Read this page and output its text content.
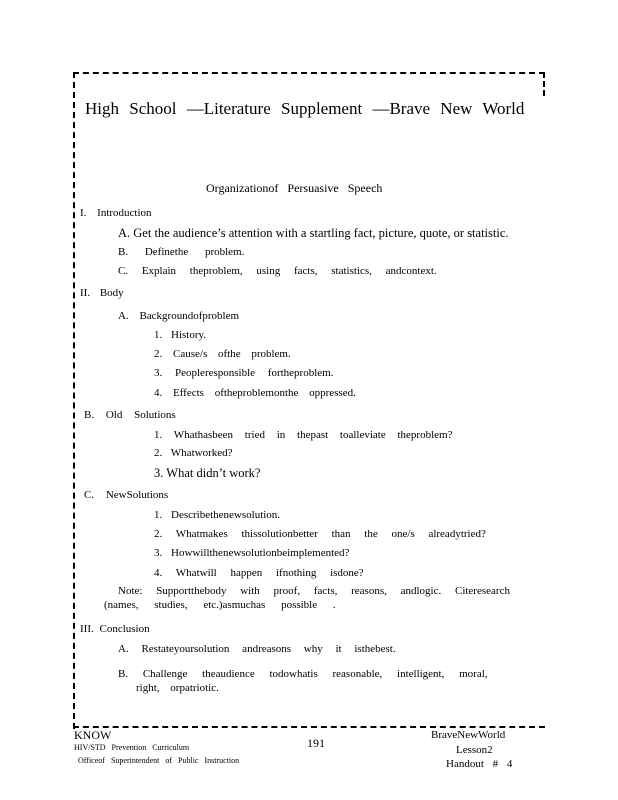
High School —Literature Supplement —Brave New World
Organizationof Persuasive Speech
I. Introduction
A. Get the audience’s attention with a startling fact, picture, quote, or statistic.
B. Definethe problem.
C. Explain theproblem, using facts, statistics, andcontext.
II. Body
A. Backgroundofproblem
1. History.
2. Cause/s ofthe problem.
3. Peopleresponsible fortheproblem.
4. Effects oftheproblemonthe oppressed.
B. Old Solutions
1. Whathasbeen tried in thepast toalleviate theproblem?
2. Whatworked?
3. What didn’t work?
C. NewSolutions
1. Describethenewsolution.
2. Whatmakes thissolutionbetter than the one/s alreadytried?
3. Howwillthenewsolutionbeimplemented?
4. Whatwill happen ifnothing isdone?
Note: Supportthebody with proof, facts, reasons, andlogic. Citeresearch
(names, studies, etc.)asmuchas possible .
III. Conclusion
A. Restateyoursolution andreasons why it isthebest.
B. Challenge theaudience todowhatis reasonable, intelligent, moral,
right, orpatriotic.
KNOW
HIV/STD Prevention Curriculum
Officeof Superintendent of Public Instruction
191
BraveNewWorld
Lesson2
Handout # 4
